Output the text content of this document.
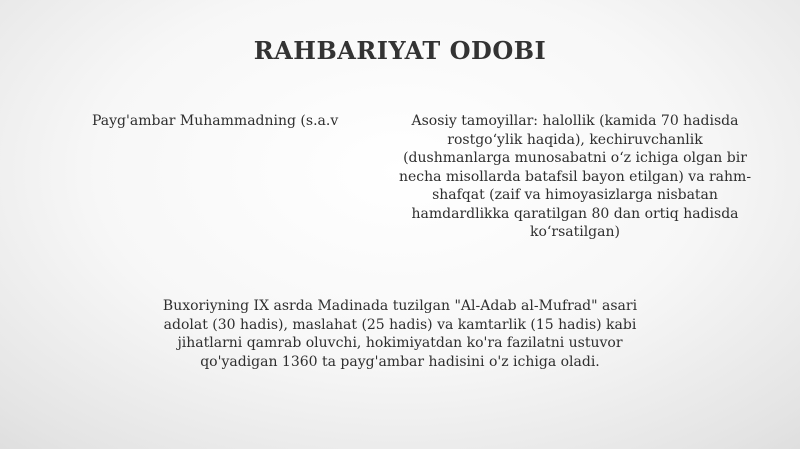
RAHBARIYAT ODOBI
Payg'ambar Muhammadning (s.a.v	Asosiy tamoyillar: halollik (kamida 70 hadisda rostgo‘ylik haqida), kechiruvchanlik (dushmanlarga munosabatni o‘z ichiga olgan bir necha misollarda batafsil bayon etilgan) va rahm-shafqat (zaif va himoyasizlarga nisbatan hamdardlikka qaratilgan 80 dan ortiq hadisda ko‘rsatilgan)
Buxoriyning IX asrda Madinada tuzilgan "Al-Adab al-Mufrad" asari adolat (30 hadis), maslahat (25 hadis) va kamtarlik (15 hadis) kabi jihatlarni qamrab oluvchi, hokimiyatdan ko'ra fazilatni ustuvor qo'yadigan 1360 ta payg'ambar hadisini o'z ichiga oladi.
